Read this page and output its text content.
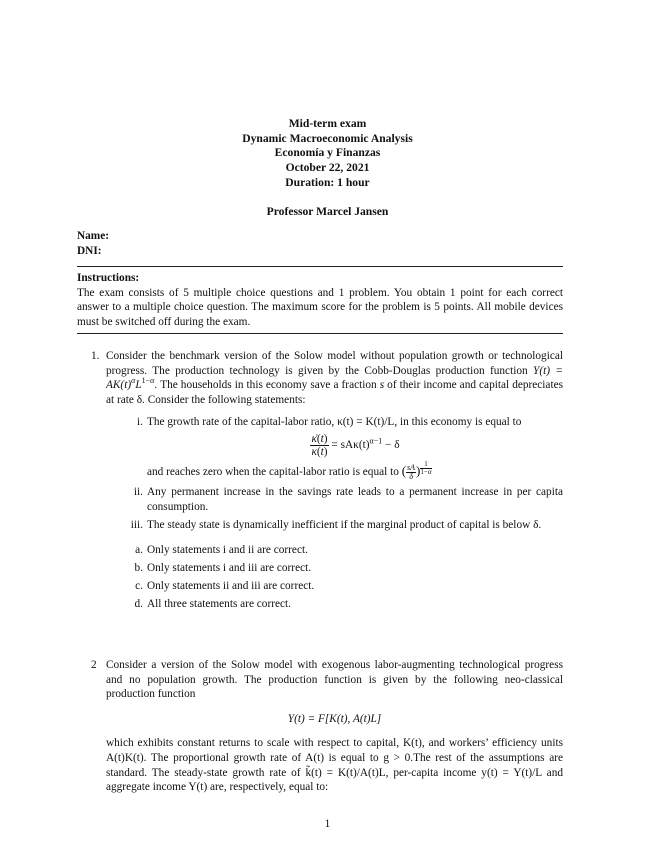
Mid-term exam
Dynamic Macroeconomic Analysis
Economía y Finanzas
October 22, 2021
Duration: 1 hour
Professor Marcel Jansen
Name:
DNI:
Instructions:
The exam consists of 5 multiple choice questions and 1 problem. You obtain 1 point for each correct answer to a multiple choice question. The maximum score for the problem is 5 points. All mobile devices must be switched off during the exam.
1. Consider the benchmark version of the Solow model without population growth or technological progress. The production technology is given by the Cobb-Douglas production function $Y(t) = AK(t)^\alpha L^{1-\alpha}$. The households in this economy save a fraction s of their income and capital depreciates at rate δ. Consider the following statements:
i. The growth rate of the capital-labor ratio, κ(t) = K(t)/L, in this economy is equal to
$\frac{\kappȧ(t)}{\kappa(t)} = sA\kappa(t)^{\alpha-1} - \delta$
and reaches zero when the capital-labor ratio is equal to ( $\frac{sA}{\delta}$ ) $^{\frac{1}{1-\alpha}}$
ii. Any permanent increase in the savings rate leads to a permanent increase in per capita consumption.
iii. The steady state is dynamically inefficient if the marginal product of capital is below δ.
a. Only statements i and ii are correct.
b. Only statements i and iii are correct.
c. Only statements ii and iii are correct.
d. All three statements are correct.
2 Consider a version of the Solow model with exogenous labor-augmenting technological progress and no population growth. The production function is given by the following neo-classical production function
Y(t) = F[K(t), A(t)L]
which exhibits constant returns to scale with respect to capital, K(t), and workers’ efficiency units A(t)K(t). The proportional growth rate of A(t) is equal to g > 0.The rest of the assumptions are standard. The steady-state growth rate of k̃(t) = K(t)/A(t)L, per-capita income y(t) = Y(t)/L and aggregate income Y(t) are, respectively, equal to:
1
